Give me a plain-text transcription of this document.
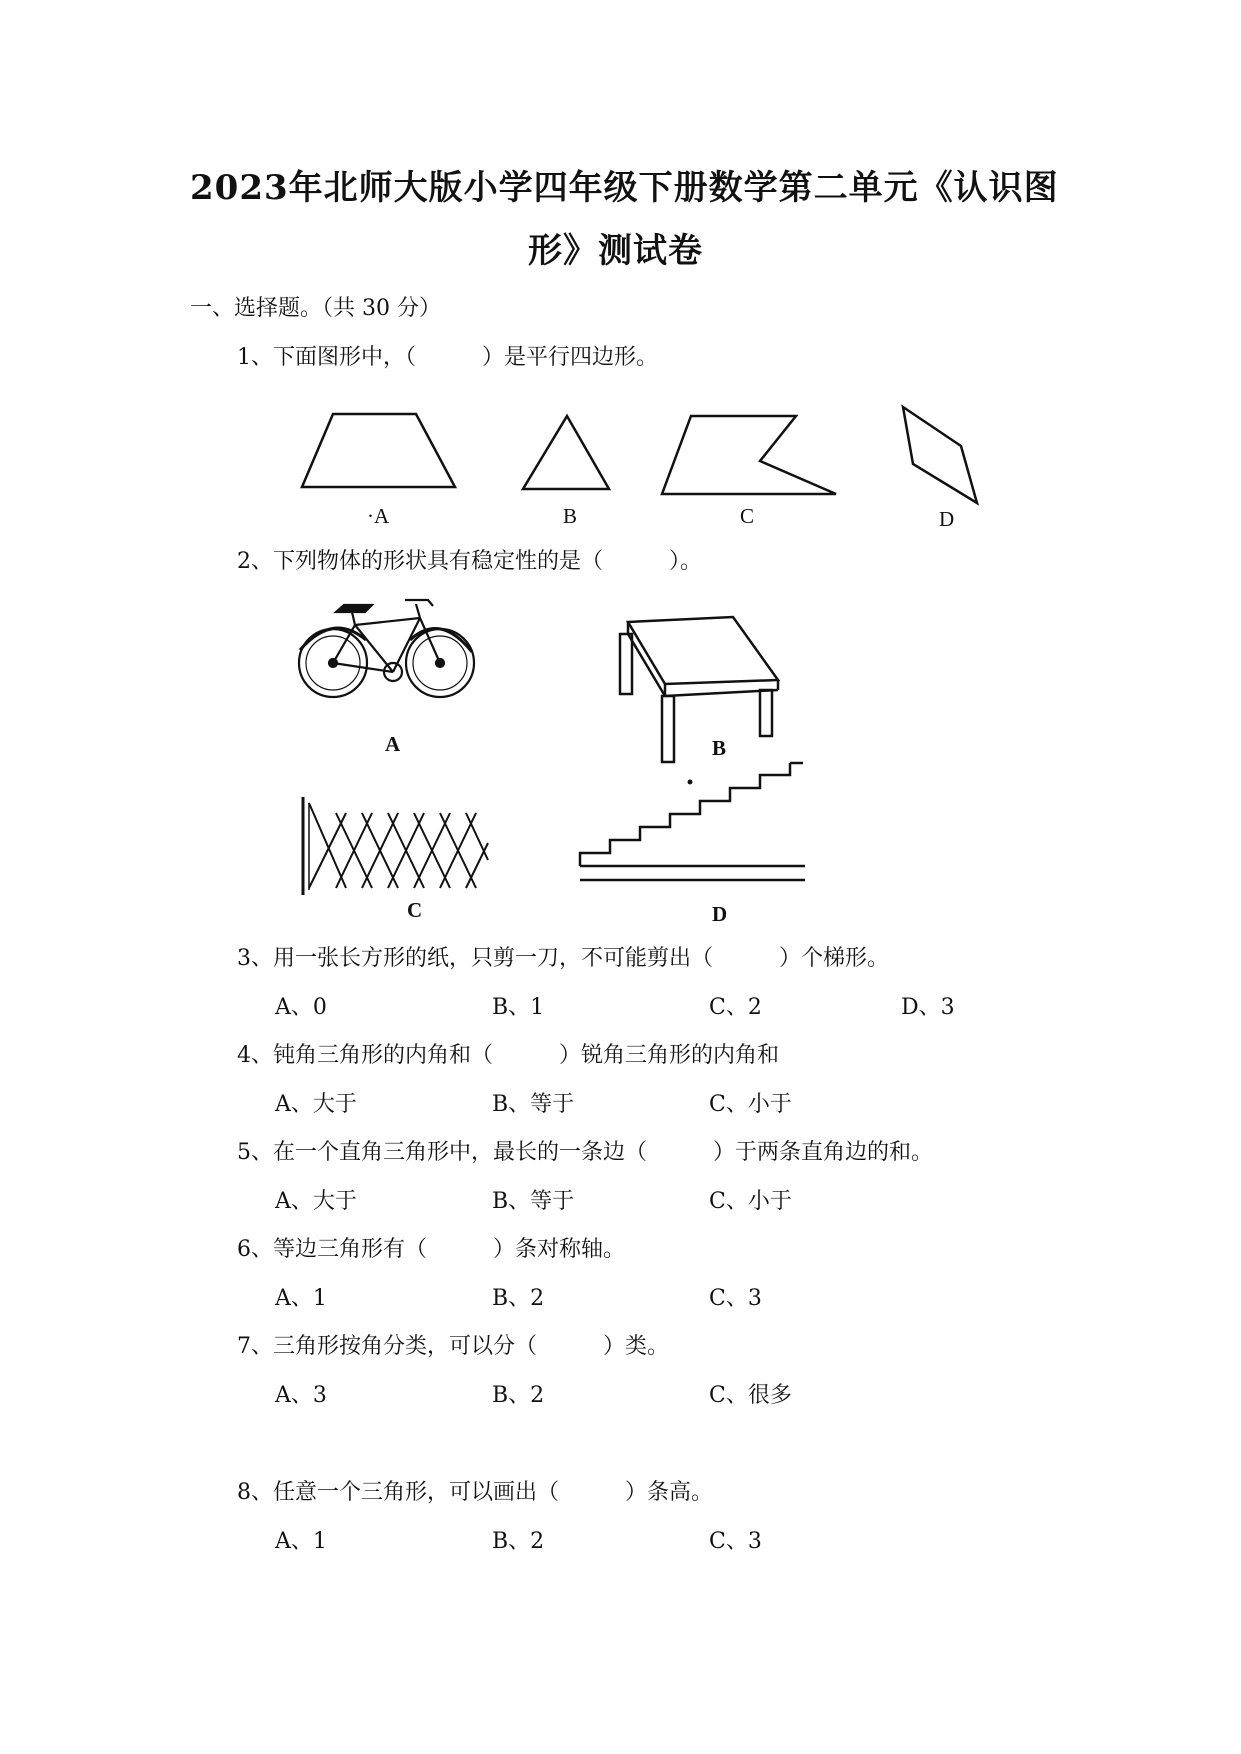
2023年北师大版小学四年级下册数学第二单元《认识图
形》测试卷
一、选择题。（共 30 分）
1、下面图形中，（　　　）是平行四边形。
·A	B	C	D
2、下列物体的形状具有稳定性的是（　　　）。
A	B
C	D
3、用一张长方形的纸，只剪一刀，不可能剪出（　　　）个梯形。
A、0	B、1	C、2	D、3
4、钝角三角形的内角和（　　　）锐角三角形的内角和
A、大于	B、等于	C、小于
5、在一个直角三角形中，最长的一条边（　　　）于两条直角边的和。
A、大于	B、等于	C、小于
6、等边三角形有（　　　）条对称轴。
A、1	B、2	C、3
7、三角形按角分类，可以分（　　　）类。
A、3	B、2	C、很多
8、任意一个三角形，可以画出（　　　）条高。
A、1	B、2	C、3
